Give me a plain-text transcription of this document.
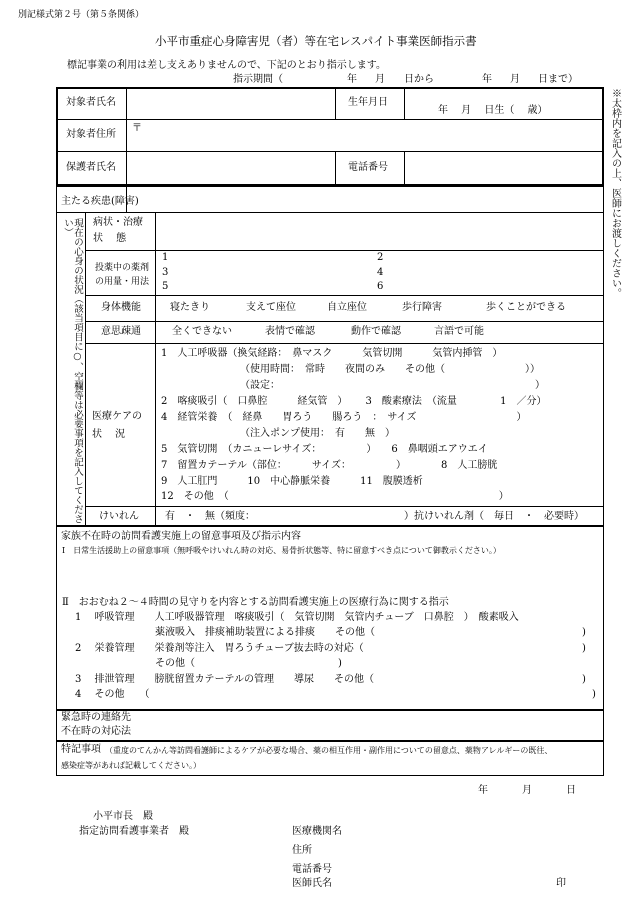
別記様式第２号（第５条関係）
小平市重症心身障害児（者）等在宅レスパイト事業医師指示書
標記事業の利用は差し支えありませんので、下記のとおり指示します。
指示期間（	年 月 日から	年 月 日まで）
※太枠内を記入の上、医師にお渡しください。
対象者氏名	生年月日
年　 月　 日生（　 歳）
対象者住所
〒
保護者氏名	電話番号
主たる疾患(障害)
現在の心身の状況（該当項目に○、空欄等は必要事項を記入してください）	病状・治療
状　 態
投薬中の薬剤
の用量・用法
1	2
3	4
5	6
身体機能	寝たきり	支えて座位	自立座位	歩行障害	歩くことができる
意思疎通	全くできない	表情で確認	動作で確認	言語で可能
医療ケアの
状　 況
1　人工呼吸器（換気経路：　鼻マスク　　　気管切開　　　気管内挿管　）
（使用時間：　常時　　夜間のみ　　その他（　　　　　　　　））
（設定：　　　　　　　　　　　　　　　　　　　　　　　　　　）
2　喀痰吸引（　口鼻腔　　　経気管　）　　 3　酸素療法　（流量　　　　 1　／分）
4　経管栄養　（　経鼻　　胃ろう　　腸ろう　：　サイズ　　　　　　　　　　）
（注入ポンプ使用：　有　　無　）
5　気管切開　（カニューレサイズ：　　　　　）　　6　鼻咽頭エアウエイ
7　留置カテーテル（部位：　　　サイズ：　　　　　）　　　　8　人工膀胱
9　人工肛門　　　10　中心静脈栄養　　　11　腹膜透析
12　その他　（　　　　　　　　　　　　　　　　　　　　　　　　　　　）
けいれん	有　・　無（頻度：	）抗けいれん剤（　毎日　・　必要時）
家族不在時の訪問看護実施上の留意事項及び指示内容
Ⅰ　日常生活援助上の留意事項（無呼吸やけいれん時の対応、易骨折状態等、特に留意すべき点について御教示ください。）
Ⅱ　おおむね２～４時間の見守りを内容とする訪問看護実施上の医療行為に関する指示
1　 呼吸管理　　人工呼吸器管理　喀痰吸引（　気管切開　気管内チューブ　口鼻腔　）　酸素吸入
薬液吸入　排痰補助装置による排痰　　その他（	)
2　 栄養管理　　栄養剤等注入　胃ろうチューブ抜去時の対応（	)
その他（	)
3　 排泄管理　　膀胱留置カテーテルの管理　　導尿　　その他（	)
4　 その他　　（	)
緊急時の連絡先
不在時の対応法
特記事項 （重度のてんかん等訪問看護師によるケアが必要な場合、薬の相互作用・副作用についての留意点、薬物アレルギーの既往、
感染症等があれば記載してください。）
年	月	日
小平市長　殿
指定訪問看護事業者　殿	医療機関名
住所
電話番号
医師氏名	印
